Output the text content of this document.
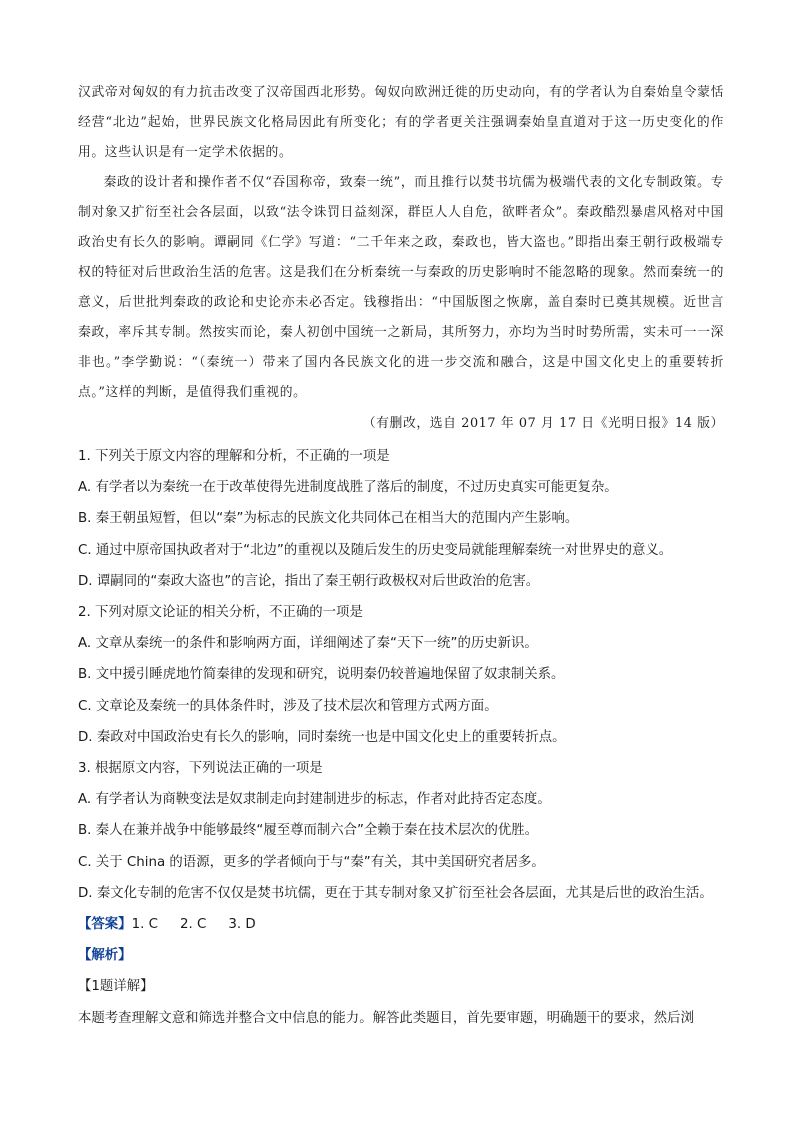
汉武帝对匈奴的有力抗击改变了汉帝国西北形势。匈奴向欧洲迁徙的历史动向，有的学者认为自秦始皇令蒙恬经营“北边”起始，世界民族文化格局因此有所变化；有的学者更关注强调秦始皇直道对于这一历史变化的作用。这些认识是有一定学术依据的。

秦政的设计者和操作者不仅“吞国称帝，致秦一统”，而且推行以焚书坑儒为极端代表的文化专制政策。专制对象又扩衍至社会各层面，以致“法令诛罚日益刻深，群臣人人自危，欲畔者众”。秦政酷烈暴虐风格对中国政治史有长久的影响。谭嗣同《仁学》写道：“二千年来之政，秦政也，皆大盗也。”即指出秦王朝行政极端专权的特征对后世政治生活的危害。这是我们在分析秦统一与秦政的历史影响时不能忽略的现象。然而秦统一的意义，后世批判秦政的政论和史论亦未必否定。钱穆指出：“中国版图之恢廓，盖自秦时已奠其规模。近世言秦政，率斥其专制。然按实而论，秦人初创中国统一之新局，其所努力，亦均为当时时势所需，实未可一一深非也。”李学勤说：“（秦统一）带来了国内各民族文化的进一步交流和融合，这是中国文化史上的重要转折点。”这样的判断，是值得我们重视的。

（有删改，选自 2017 年 07 月 17 日《光明日报》14 版）
1. 下列关于原文内容的理解和分析，不正确的一项是
A. 有学者以为秦统一在于改革使得先进制度战胜了落后的制度，不过历史真实可能更复杂。
B. 秦王朝虽短暂，但以“秦”为标志的民族文化共同体己在相当大的范围内产生影响。
C. 通过中原帝国执政者对于“北边”的重视以及随后发生的历史变局就能理解秦统一对世界史的意义。
D. 谭嗣同的“秦政大盗也”的言论，指出了秦王朝行政极权对后世政治的危害。
2. 下列对原文论证的相关分析，不正确的一项是
A. 文章从秦统一的条件和影响两方面，详细阐述了秦“天下一统”的历史新识。
B. 文中援引睡虎地竹简秦律的发现和研究，说明秦仍较普遍地保留了奴隶制关系。
C. 文章论及秦统一的具体条件时，涉及了技术层次和管理方式两方面。
D. 秦政对中国政治史有长久的影响，同时秦统一也是中国文化史上的重要转折点。
3. 根据原文内容，下列说法正确的一项是
A. 有学者认为商鞅变法是奴隶制走向封建制进步的标志，作者对此持否定态度。
B. 秦人在兼并战争中能够最终“履至尊而制六合”全赖于秦在技术层次的优胜。
C. 关于 China 的语源，更多的学者倾向于与“秦”有关，其中美国研究者居多。
D. 秦文化专制的危害不仅仅是焚书坑儒，更在于其专制对象又扩衍至社会各层面，尤其是后世的政治生活。
【答案】1. C 2. C 3. D
【解析】
【1题详解】
本题考查理解文意和筛选并整合文中信息的能力。解答此类题目，首先要审题，明确题干的要求，然后浏
